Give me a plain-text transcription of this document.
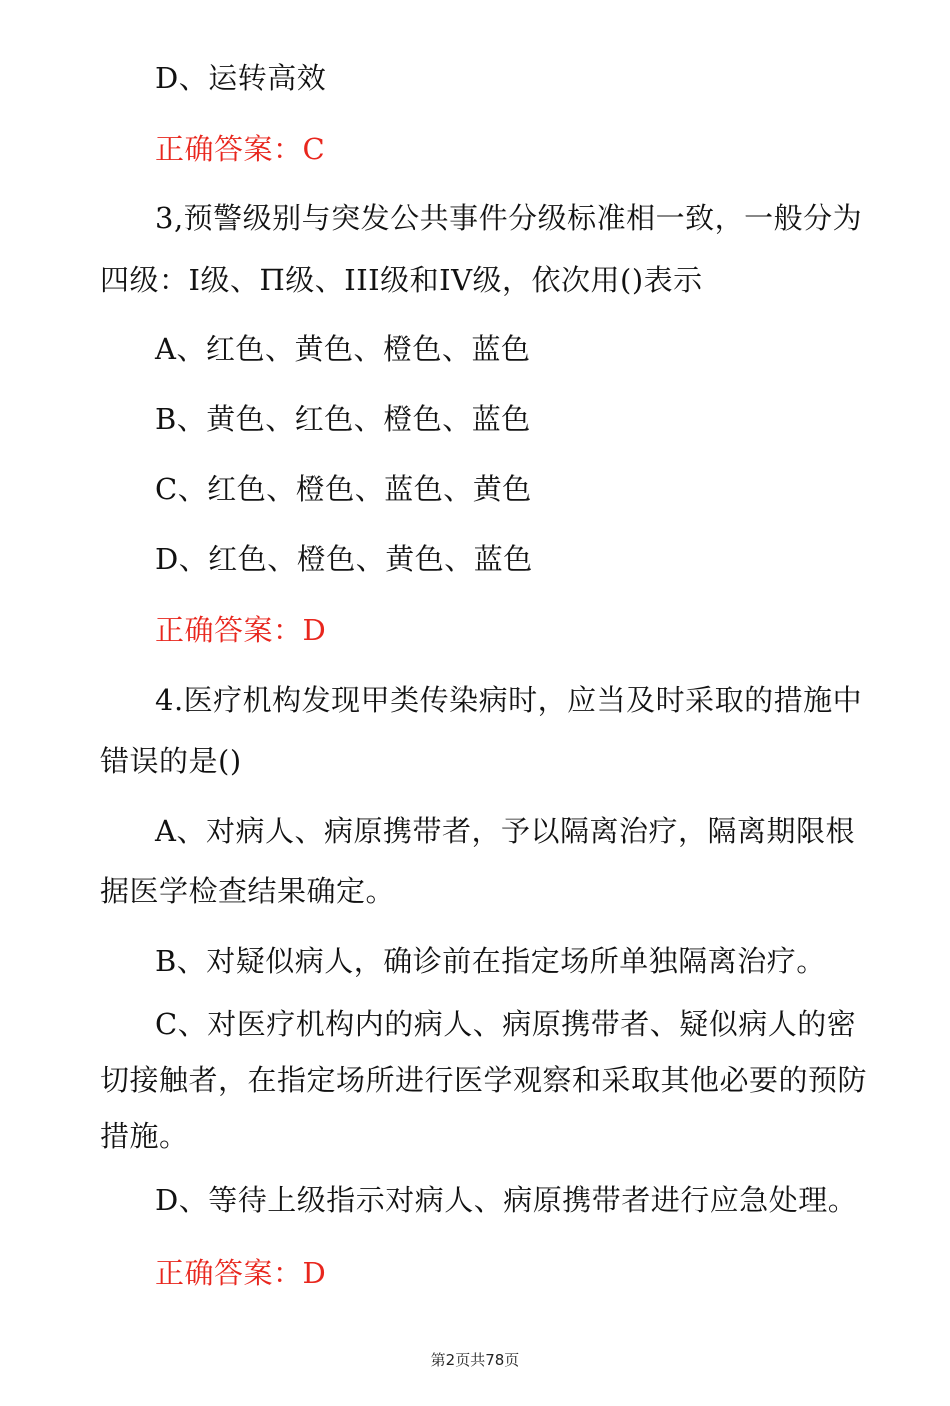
D、运转高效
正确答案：C
3,预警级别与突发公共事件分级标准相一致，一般分为
四级：I级、Π级、III级和IV级，依次用()表示
A、红色、黄色、橙色、蓝色
B、黄色、红色、橙色、蓝色
C、红色、橙色、蓝色、黄色
D、红色、橙色、黄色、蓝色
正确答案：D
4.医疗机构发现甲类传染病时，应当及时采取的措施中
错误的是()
A、对病人、病原携带者，予以隔离治疗，隔离期限根
据医学检查结果确定。
B、对疑似病人，确诊前在指定场所单独隔离治疗。
C、对医疗机构内的病人、病原携带者、疑似病人的密
切接触者，在指定场所进行医学观察和采取其他必要的预防
措施。
D、等待上级指示对病人、病原携带者进行应急处理。
正确答案：D
第2页共78页
